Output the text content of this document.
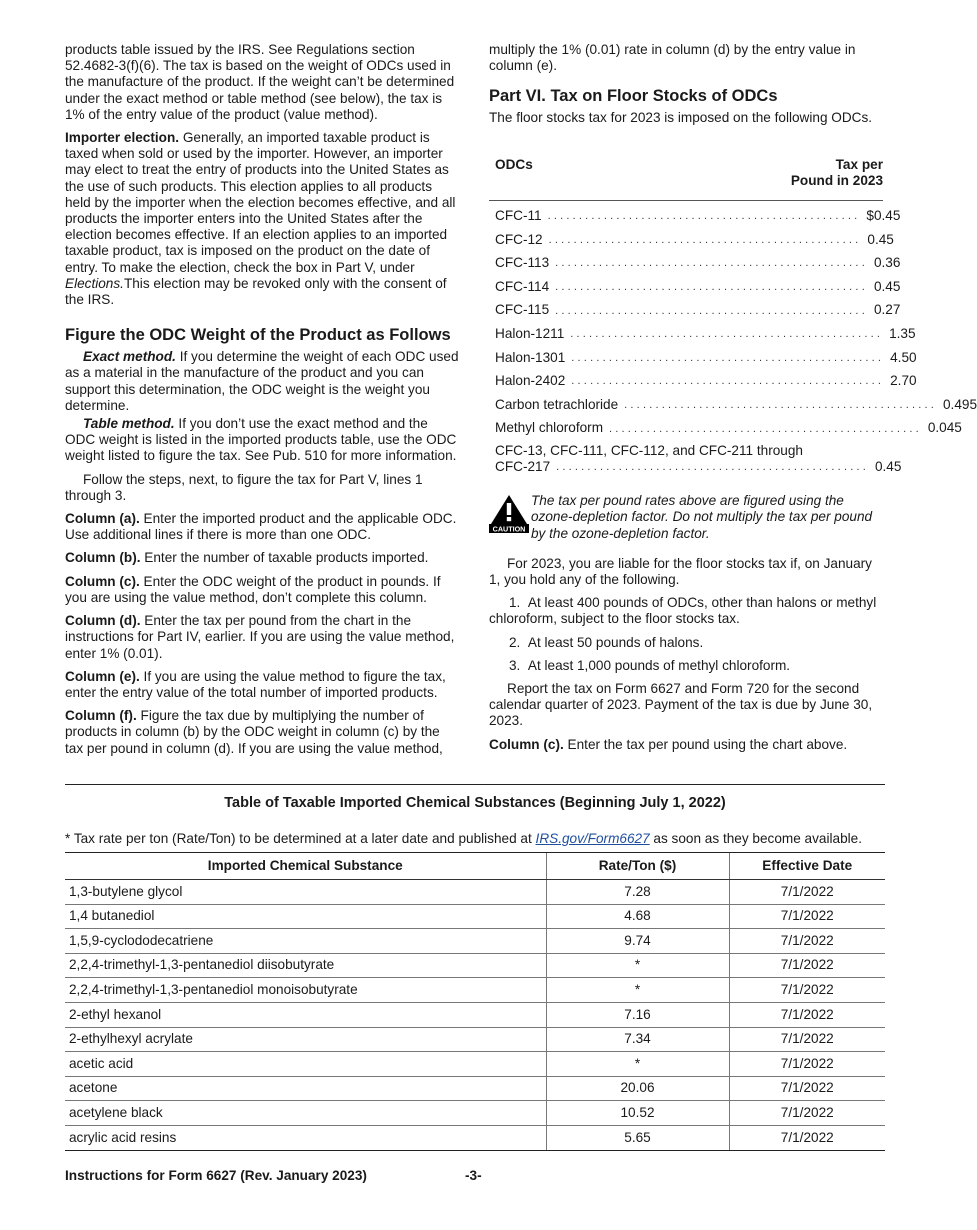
products table issued by the IRS. See Regulations section 52.4682-3(f)(6). The tax is based on the weight of ODCs used in the manufacture of the product. If the weight can’t be determined under the exact method or table method (see below), the tax is 1% of the entry value of the product (value method).

Importer election. Generally, an imported taxable product is taxed when sold or used by the importer. However, an importer may elect to treat the entry of products into the United States as the use of such products. This election applies to all products held by the importer when the election becomes effective, and all products the importer enters into the United States after the election becomes effective. If an election applies to an imported taxable product, tax is imposed on the product on the date of entry. To make the election, check the box in Part V, under Elections.This election may be revoked only with the consent of the IRS.

Figure the ODC Weight of the Product as Follows

Exact method. If you determine the weight of each ODC used as a material in the manufacture of the product and you can support this determination, the ODC weight is the weight you determine.

Table method. If you don’t use the exact method and the ODC weight is listed in the imported products table, use the ODC weight listed to figure the tax. See Pub. 510 for more information.

Follow the steps, next, to figure the tax for Part V, lines 1 through 3.

Column (a). Enter the imported product and the applicable ODC. Use additional lines if there is more than one ODC.

Column (b). Enter the number of taxable products imported.

Column (c). Enter the ODC weight of the product in pounds. If you are using the value method, don’t complete this column.

Column (d). Enter the tax per pound from the chart in the instructions for Part IV, earlier. If you are using the value method, enter 1% (0.01).

Column (e). If you are using the value method to figure the tax, enter the entry value of the total number of imported products.

Column (f). Figure the tax due by multiplying the number of products in column (b) by the ODC weight in column (c) by the tax per pound in column (d). If you are using the value method,

multiply the 1% (0.01) rate in column (d) by the entry value in column (e).

Part VI. Tax on Floor Stocks of ODCs

The floor stocks tax for 2023 is imposed on the following ODCs.

ODCs	Tax per
Pound in 2023
CFC-11 .................................................. $0.45
CFC-12 .................................................. 0.45
CFC-113 .................................................. 0.36
CFC-114 .................................................. 0.45
CFC-115 .................................................. 0.27
Halon-1211 .................................................. 1.35
Halon-1301 .................................................. 4.50
Halon-2402 .................................................. 2.70
Carbon tetrachloride .................................................. 0.495
Methyl chloroform .................................................. 0.045
CFC-13, CFC-111, CFC-112, and CFC-211 through
CFC-217 .................................................. 0.45
CAUTION
The tax per pound rates above are figured using the ozone-depletion factor. Do not multiply the tax per pound by the ozone-depletion factor.

For 2023, you are liable for the floor stocks tax if, on January 1, you hold any of the following.

1.  At least 400 pounds of ODCs, other than halons or methyl chloroform, subject to the floor stocks tax.

2.  At least 50 pounds of halons.

3.  At least 1,000 pounds of methyl chloroform.

Report the tax on Form 6627 and Form 720 for the second calendar quarter of 2023. Payment of the tax is due by June 30, 2023.

Column (c). Enter the tax per pound using the chart above.

Table of Taxable Imported Chemical Substances (Beginning July 1, 2022)
* Tax rate per ton (Rate/Ton) to be determined at a later date and published at IRS.gov/Form6627 as soon as they become available.
Imported Chemical Substance	Rate/Ton ($)	Effective Date
1,3-butylene glycol	7.28	7/1/2022
1,4 butanediol	4.68	7/1/2022
1,5,9-cyclododecatriene	9.74	7/1/2022
2,2,4-trimethyl-1,3-pentanediol diisobutyrate	*	7/1/2022
2,2,4-trimethyl-1,3-pentanediol monoisobutyrate	*	7/1/2022
2-ethyl hexanol	7.16	7/1/2022
2-ethylhexyl acrylate	7.34	7/1/2022
acetic acid	*	7/1/2022
acetone	20.06	7/1/2022
acetylene black	10.52	7/1/2022
acrylic acid resins	5.65	7/1/2022
Instructions for Form 6627 (Rev. January 2023)	-3-
